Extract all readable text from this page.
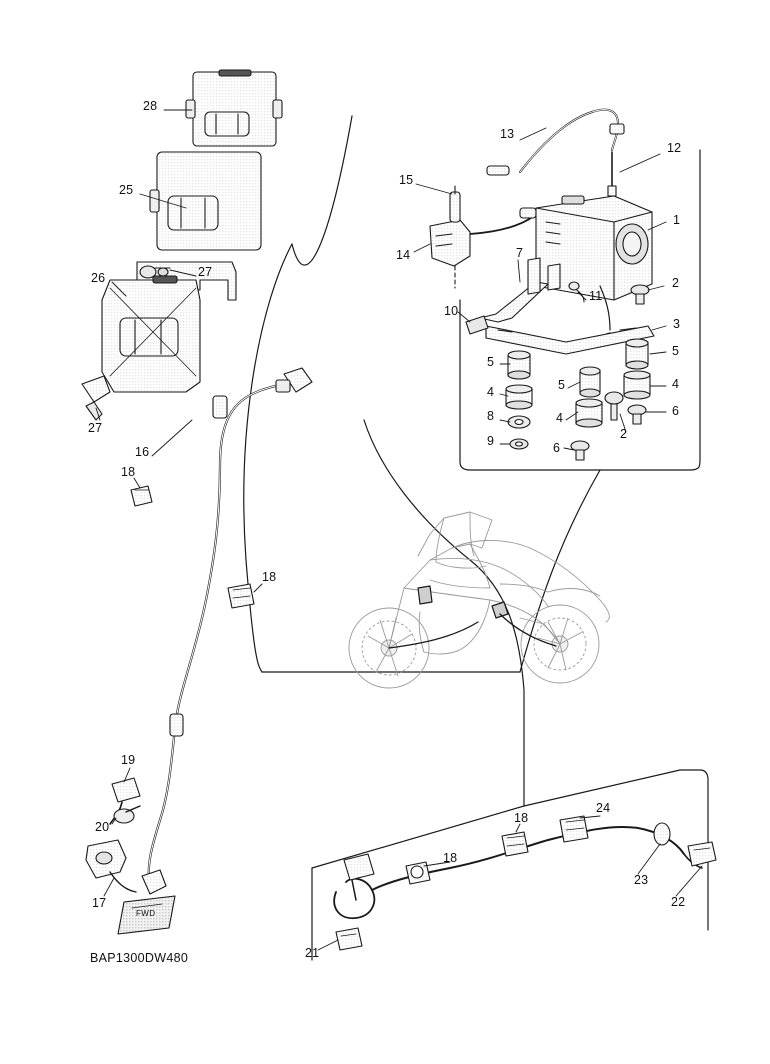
28
25
26	27
27
16
18
18
19
20
17
13
12
15
1
14	7
2
10
11
3
5
5
4	5	4
8	4	6
9	2
6
18
24
18
23
22
21
FWD
BAP1300DW480
